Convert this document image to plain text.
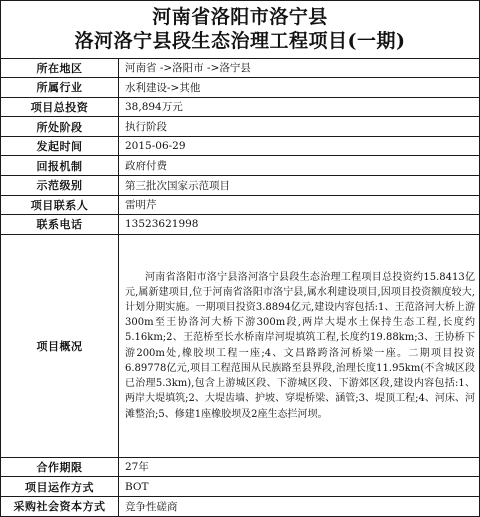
河南省洛阳市洛宁县
洛河洛宁县段生态治理工程项目(一期)
所在地区	河南省 ->洛阳市 ->洛宁县
所属行业	水利建设->其他
项目总投资	38,894万元
所处阶段	执行阶段
发起时间	2015-06-29
回报机制	政府付费
示范级别	第三批次国家示范项目
项目联系人	雷明芹
联系电话	13523621998
项目概况	河南省洛阳市洛宁县洛河洛宁县段生态治理工程项目总投资约15.8413亿元,属新建项目,位于河南省洛阳市洛宁县,属水利建设项目,因项目投资额度较大,计划分期实施。一期项目投资3.8894亿元,建设内容包括:1、王范洛河大桥上游300m至王协洛河大桥下游300m段,两岸大堤水土保持生态工程,长度约5.16km;2、王范桥至长水桥南岸河堤填筑工程,长度约19.88km;3、王协桥下游200m处,橡胶坝工程一座;4、文昌路跨洛河桥梁一座。二期项目投资6.89778亿元,项目工程范围从民族路至县界段,治理长度11.95km(不含城区段已治理5.3km),包含上游城区段、下游城区段、下游郊区段,建设内容包括:1、两岸大堤填筑;2、大堤齿墙、护坡、穿堤桥梁、涵管;3、堤顶工程;4、河床、河滩整治;5、修建1座橡胶坝及2座生态拦河坝。
合作期限	27年
项目运作方式	BOT
采购社会资本方式	竞争性磋商
